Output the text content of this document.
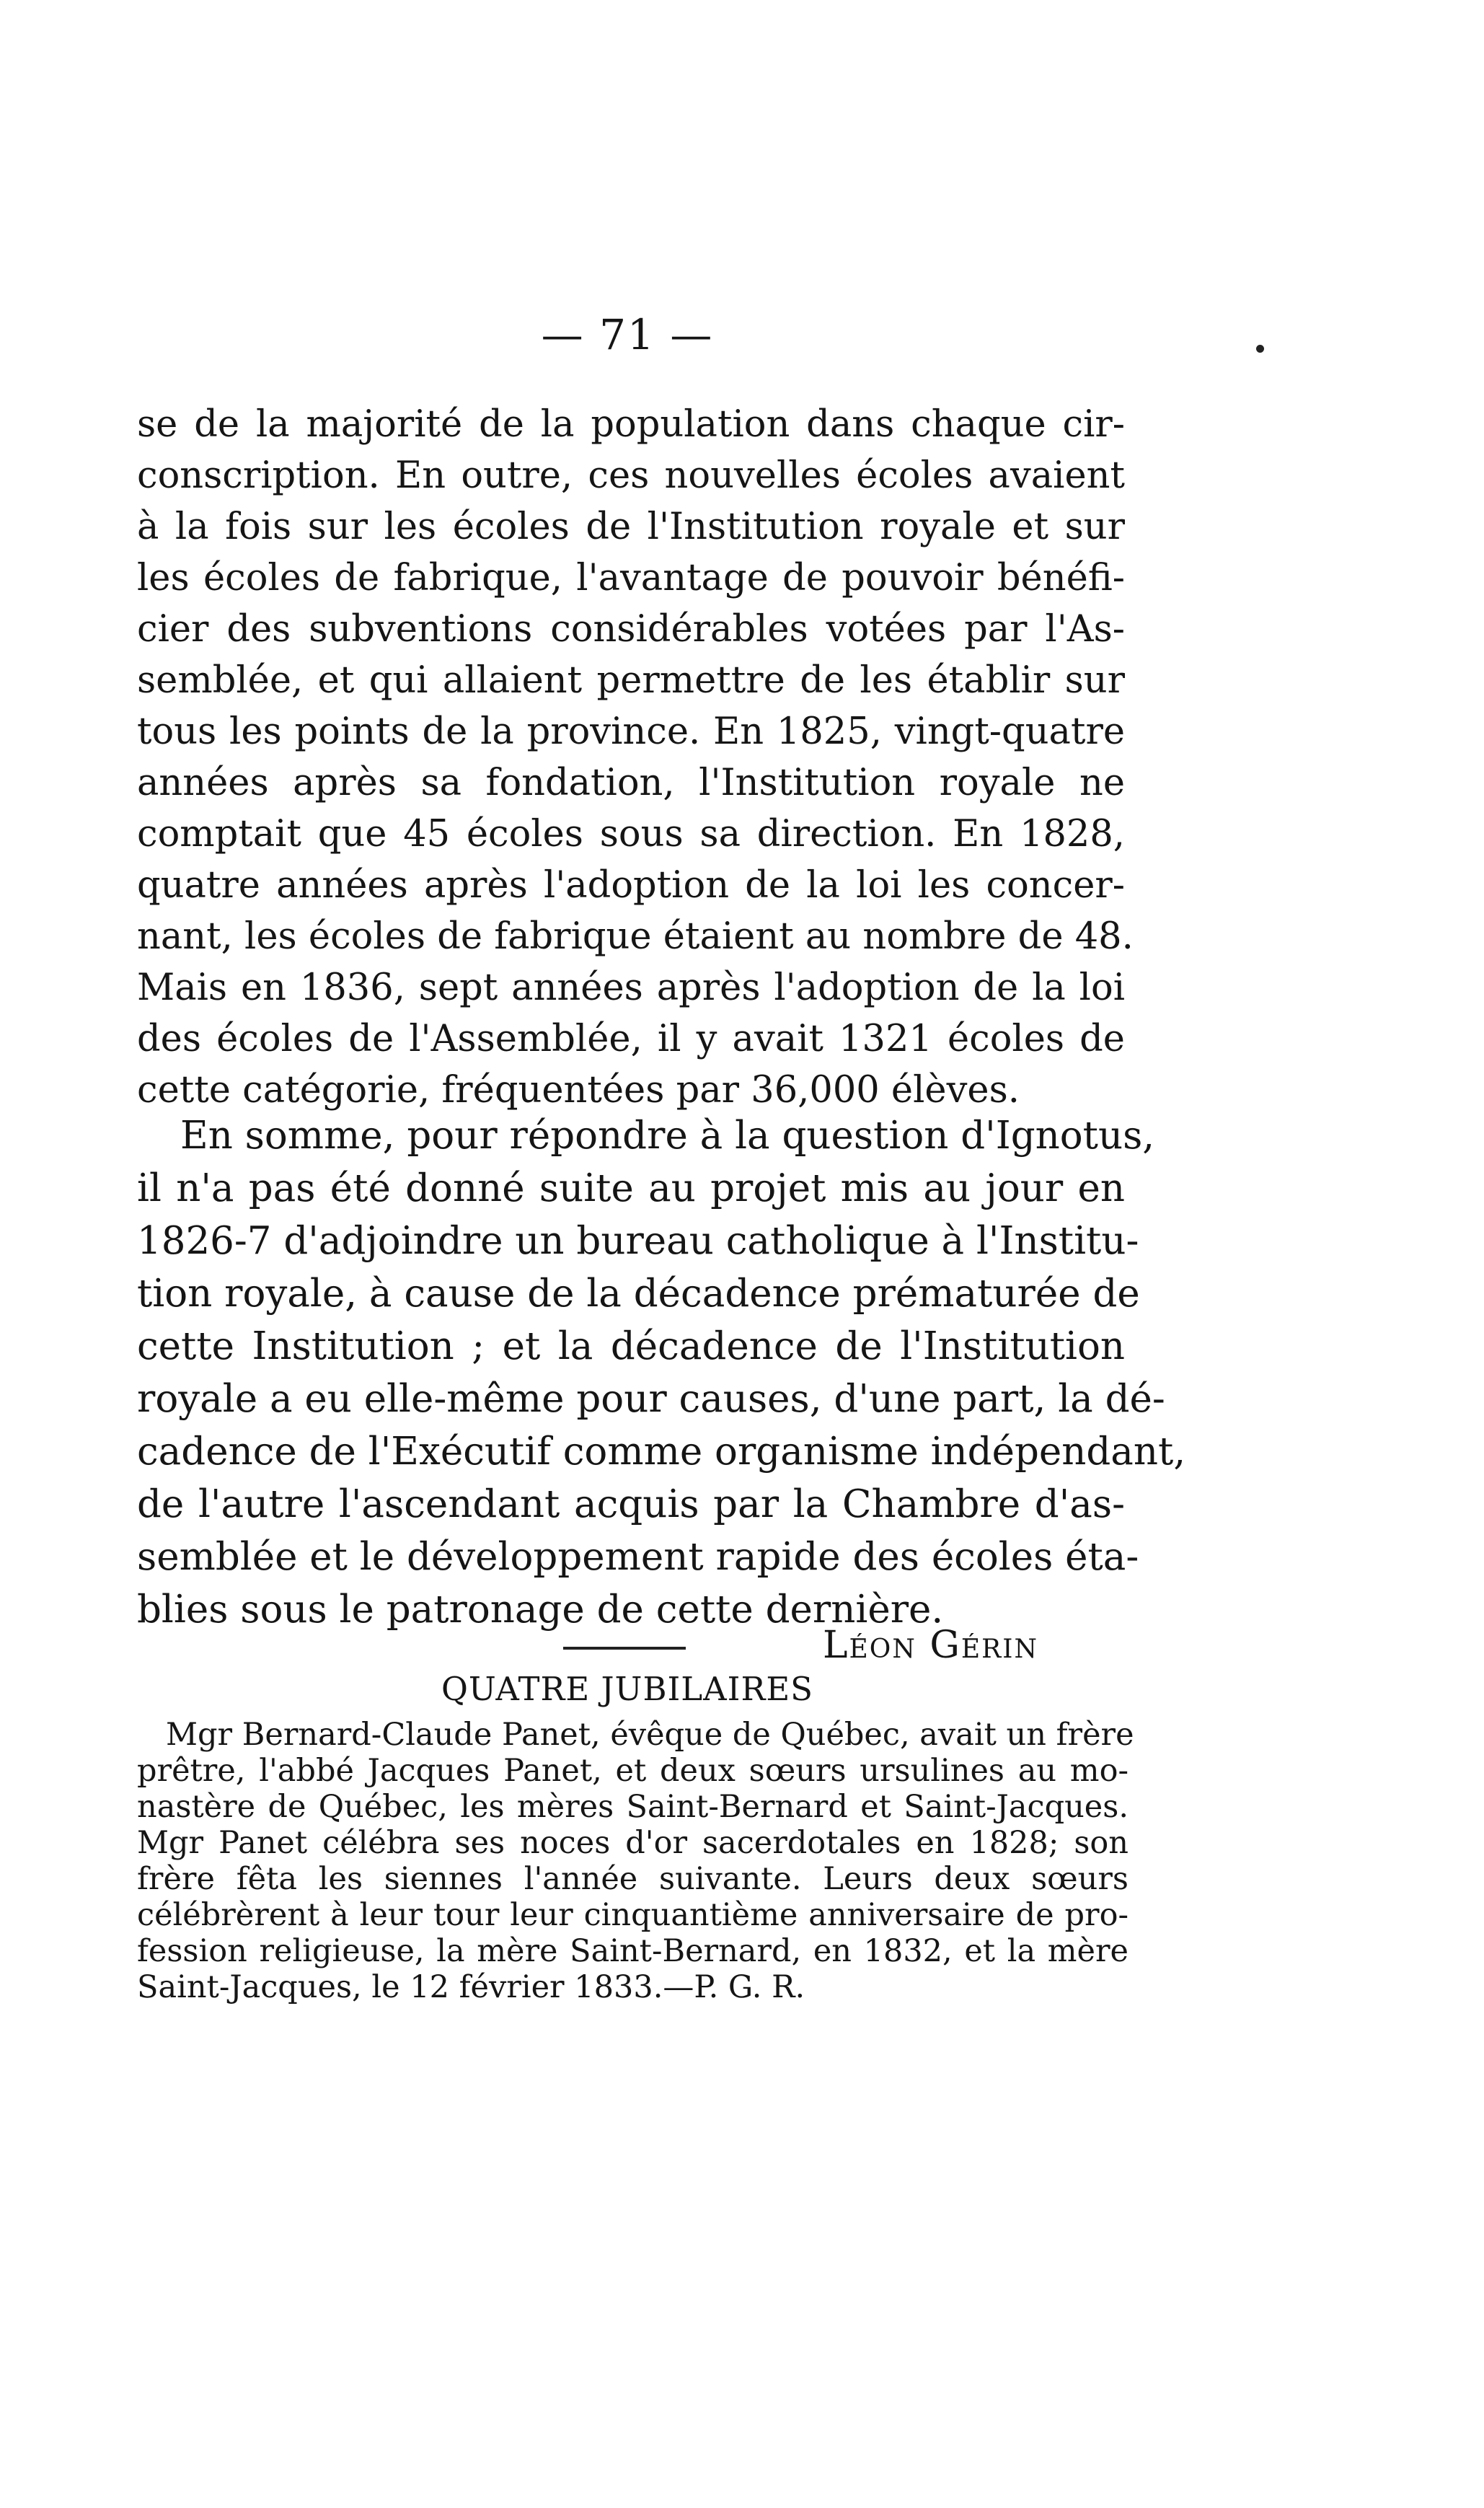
— 71 —
se de la majorité de la population dans chaque cir-
conscription. En outre, ces nouvelles écoles avaient
à la fois sur les écoles de l'Institution royale et sur
les écoles de fabrique, l'avantage de pouvoir bénéfi-
cier des subventions considérables votées par l'As-
semblée, et qui allaient permettre de les établir sur
tous les points de la province. En 1825, vingt-quatre
années après sa fondation, l'Institution royale ne
comptait que 45 écoles sous sa direction. En 1828,
quatre années après l'adoption de la loi les concer-
nant, les écoles de fabrique étaient au nombre de 48.
Mais en 1836, sept années après l'adoption de la loi
des écoles de l'Assemblée, il y avait 1321 écoles de
cette catégorie, fréquentées par 36,000 élèves.
En somme, pour répondre à la question d'Ignotus,
il n'a pas été donné suite au projet mis au jour en
1826-7 d'adjoindre un bureau catholique à l'Institu-
tion royale, à cause de la décadence prématurée de
cette Institution ; et la décadence de l'Institution
royale a eu elle-même pour causes, d'une part, la dé-
cadence de l'Exécutif comme organisme indépendant,
de l'autre l'ascendant acquis par la Chambre d'as-
semblée et le développement rapide des écoles éta-
blies sous le patronage de cette dernière.
Léon Gérin
QUATRE JUBILAIRES
Mgr Bernard-Claude Panet, évêque de Québec, avait un frère
prêtre, l'abbé Jacques Panet, et deux sœurs ursulines au mo-
nastère de Québec, les mères Saint-Bernard et Saint-Jacques.
Mgr Panet célébra ses noces d'or sacerdotales en 1828; son
frère fêta les siennes l'année suivante. Leurs deux sœurs
célébrèrent à leur tour leur cinquantième anniversaire de pro-
fession religieuse, la mère Saint-Bernard, en 1832, et la mère
Saint-Jacques, le 12 février 1833.—P. G. R.
